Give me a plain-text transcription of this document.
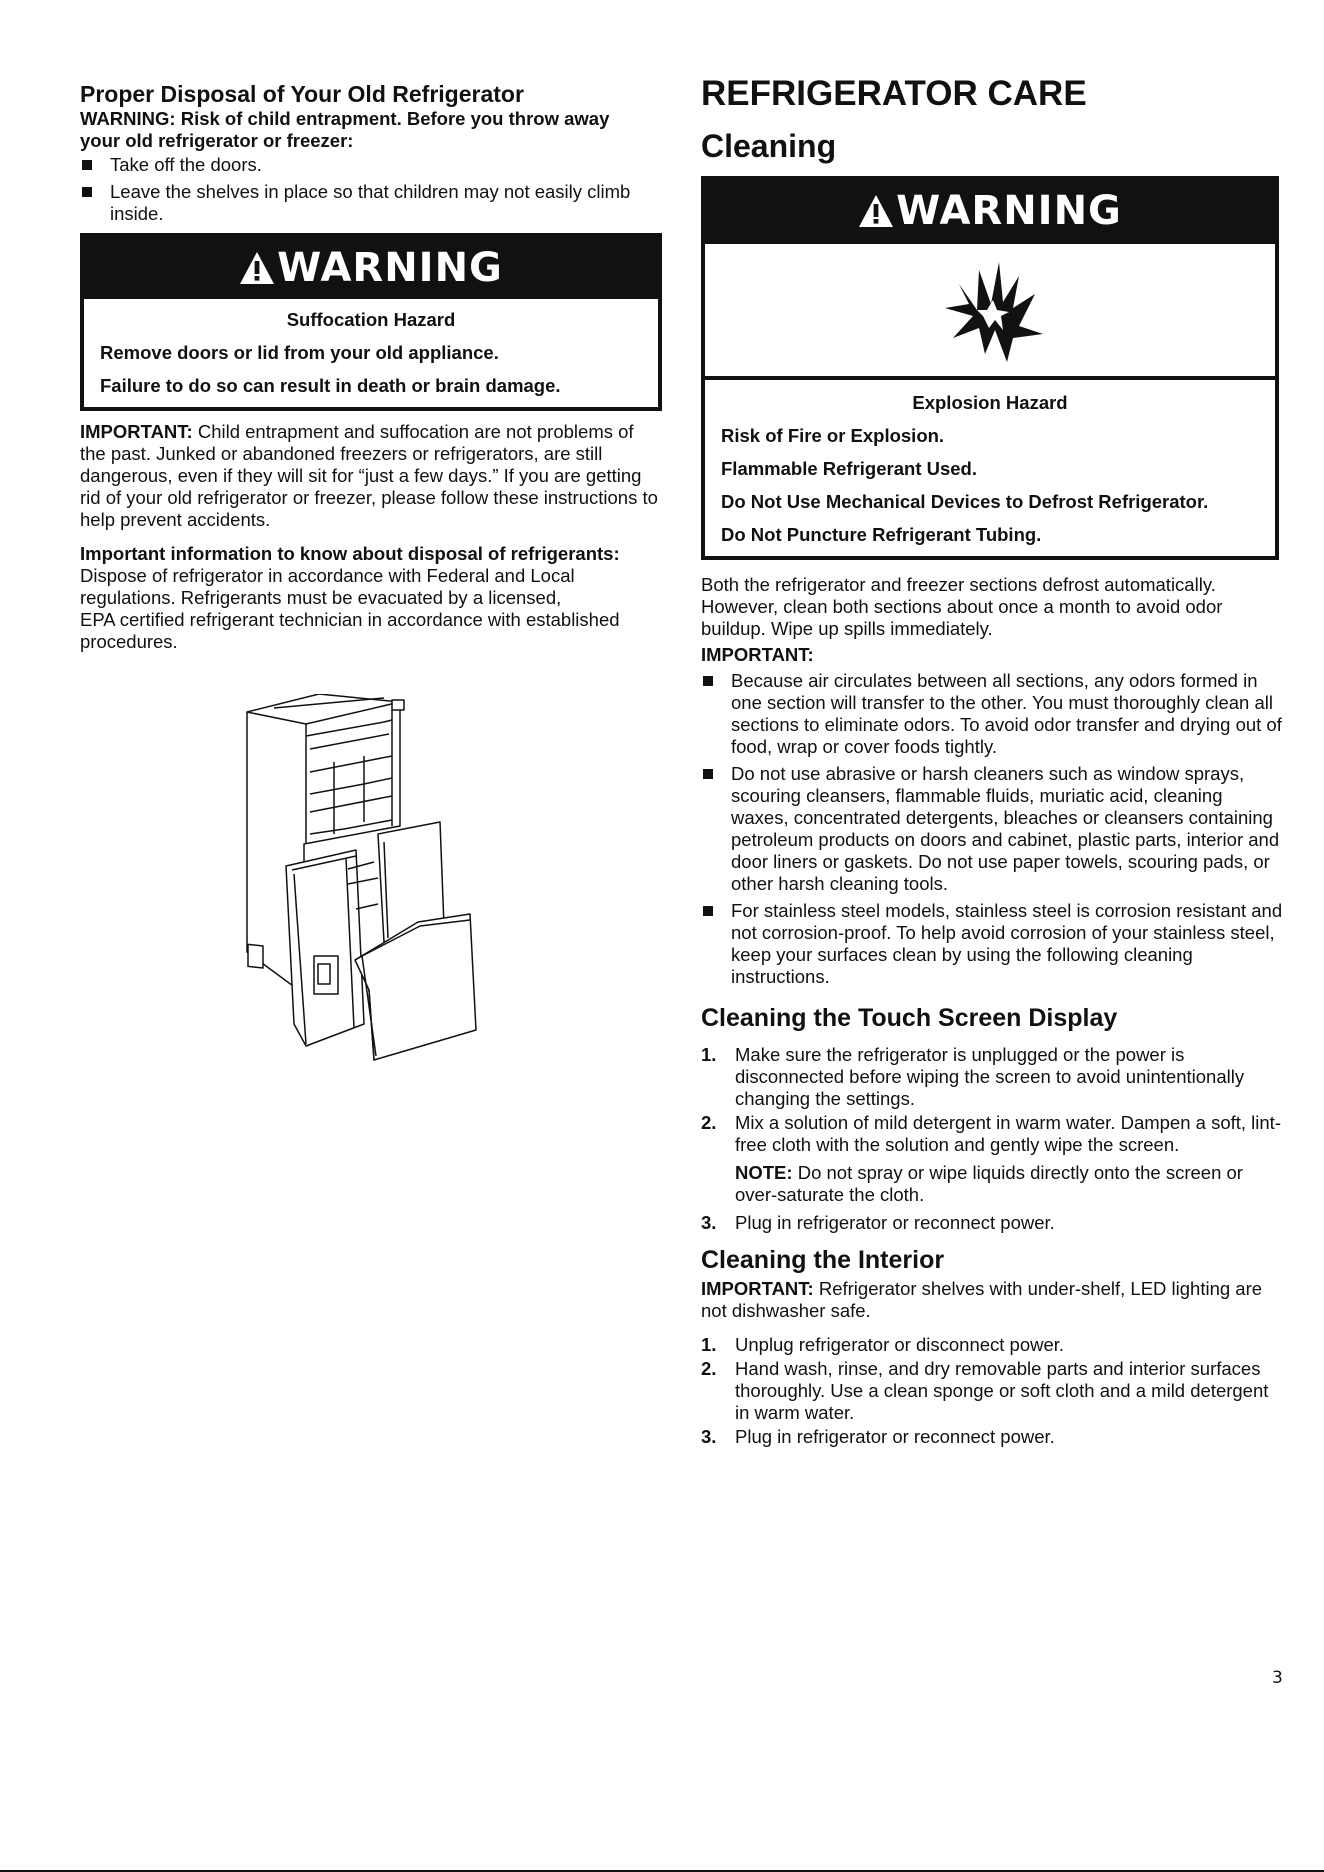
Proper Disposal of Your Old Refrigerator
WARNING: Risk of child entrapment. Before you throw away
your old refrigerator or freezer:
Take off the doors.
Leave the shelves in place so that children may not easily climb inside.
WARNING
Suffocation Hazard
Remove doors or lid from your old appliance.
Failure to do so can result in death or brain damage.

IMPORTANT: Child entrapment and suffocation are not problems of the past. Junked or abandoned freezers or refrigerators, are still dangerous, even if they will sit for “just a few days.” If you are getting rid of your old refrigerator or freezer, please follow these instructions to help prevent accidents.

Important information to know about disposal of refrigerants:

Dispose of refrigerator in accordance with Federal and Local regulations. Refrigerants must be evacuated by a licensed,

EPA certified refrigerant technician in accordance with established procedures.

REFRIGERATOR CARE
Cleaning
WARNING
Explosion Hazard
Risk of Fire or Explosion.
Flammable Refrigerant Used.
Do Not Use Mechanical Devices to Defrost Refrigerator.
Do Not Puncture Refrigerant Tubing.

Both the refrigerator and freezer sections defrost automatically. However, clean both sections about once a month to avoid odor buildup. Wipe up spills immediately.

IMPORTANT:
Because air circulates between all sections, any odors formed in one section will transfer to the other. You must thoroughly clean all sections to eliminate odors. To avoid odor transfer and drying out of food, wrap or cover foods tightly.
Do not use abrasive or harsh cleaners such as window sprays, scouring cleansers, flammable fluids, muriatic acid, cleaning waxes, concentrated detergents, bleaches or cleansers containing petroleum products on doors and cabinet, plastic parts, interior and door liners or gaskets. Do not use paper towels, scouring pads, or other harsh cleaning tools.
For stainless steel models, stainless steel is corrosion resistant and not corrosion-proof. To help avoid corrosion of your stainless steel, keep your surfaces clean by using the following cleaning instructions.
Cleaning the Touch Screen Display
1. Make sure the refrigerator is unplugged or the power is disconnected before wiping the screen to avoid unintentionally changing the settings.
2. Mix a solution of mild detergent in warm water. Dampen a soft, lint-free cloth with the solution and gently wipe the screen.
NOTE: Do not spray or wipe liquids directly onto the screen or over-saturate the cloth.
3. Plug in refrigerator or reconnect power.
Cleaning the Interior

IMPORTANT: Refrigerator shelves with under-shelf, LED lighting are not dishwasher safe.

1. Unplug refrigerator or disconnect power.
2. Hand wash, rinse, and dry removable parts and interior surfaces thoroughly. Use a clean sponge or soft cloth and a mild detergent in warm water.
3. Plug in refrigerator or reconnect power.
3
